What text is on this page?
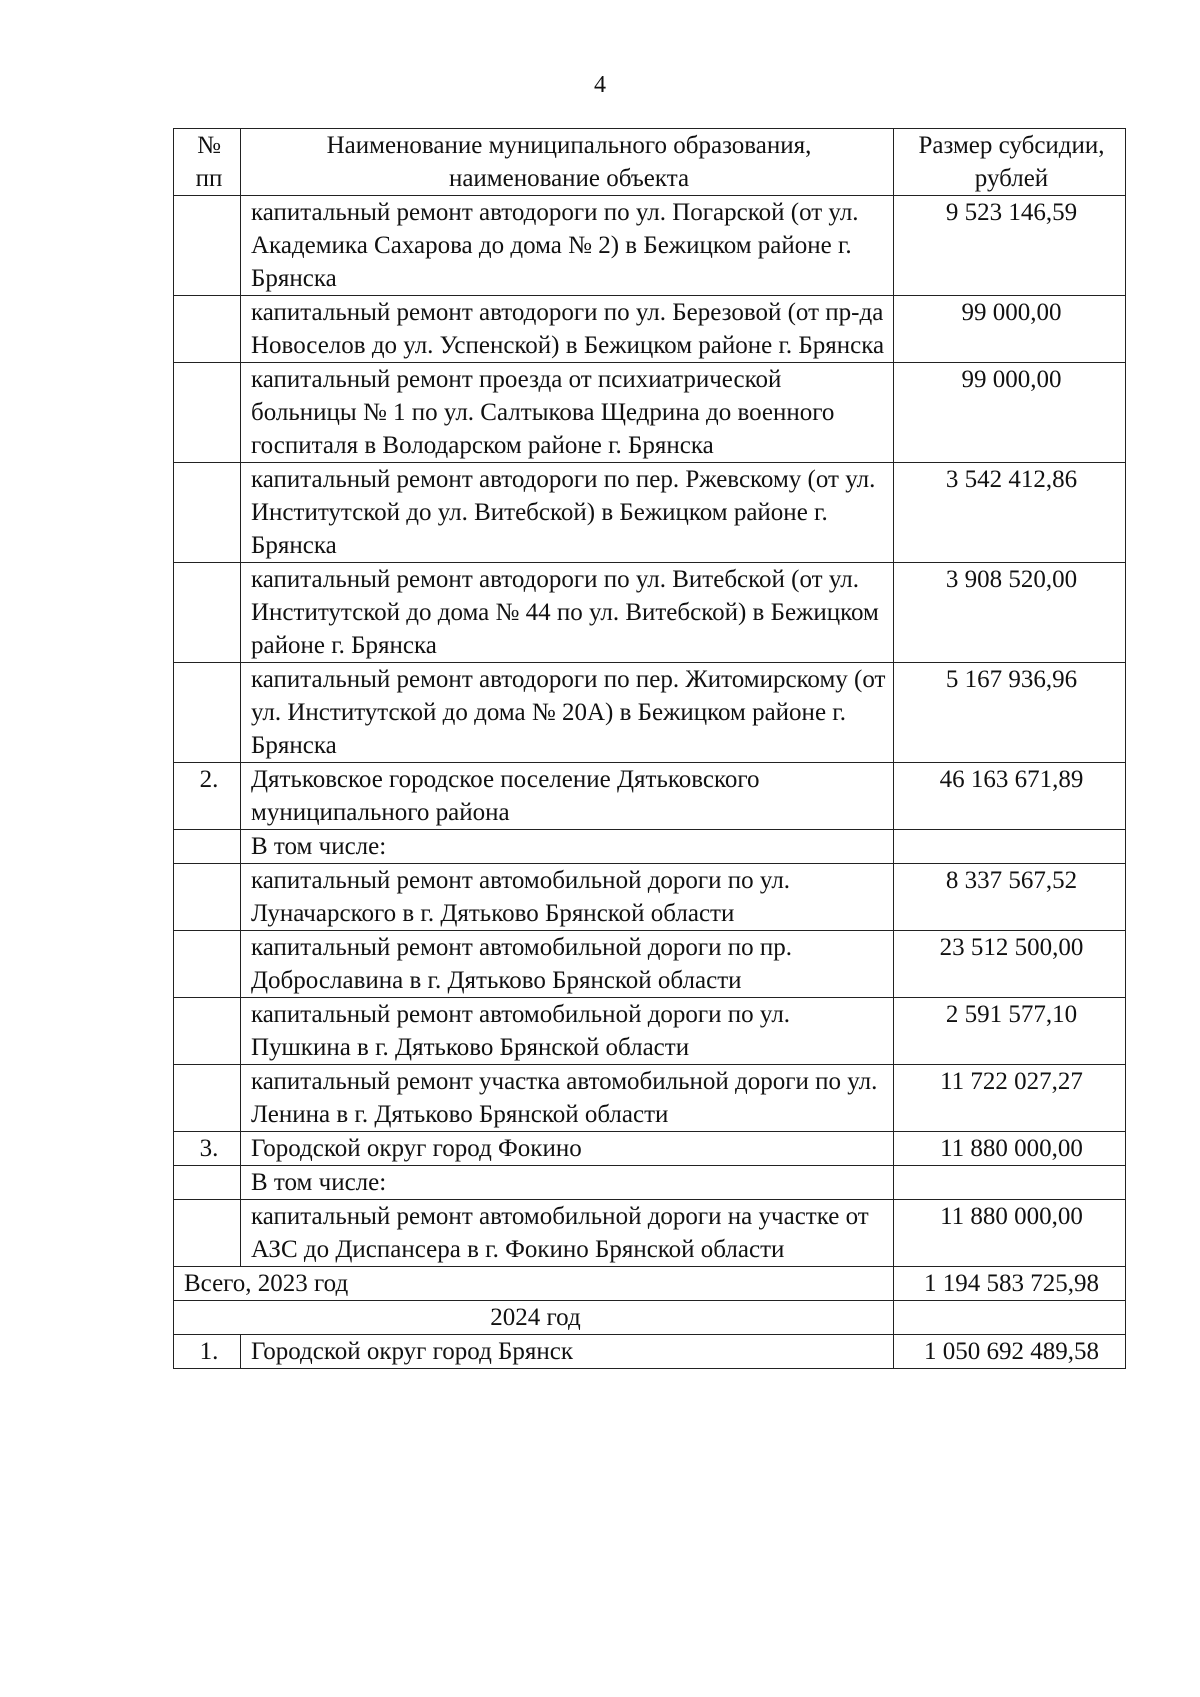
4
№ пп	Наименование муниципального образования, наименование объекта	Размер субсидии, рублей
	капитальный ремонт автодороги по ул. Погарской (от ул. Академика Сахарова до дома № 2) в Бежицком районе г. Брянска	9 523 146,59
	капитальный ремонт автодороги по ул. Березовой (от пр-да Новоселов до ул. Успенской) в Бежицком районе г. Брянска	99 000,00
	капитальный ремонт проезда от психиатрической больницы № 1 по ул. Салтыкова Щедрина до военного госпиталя в Володарском районе г. Брянска	99 000,00
	капитальный ремонт автодороги по пер. Ржевскому (от ул. Институтской до ул. Витебской) в Бежицком районе г. Брянска	3 542 412,86
	капитальный ремонт автодороги по ул. Витебской (от ул. Институтской до дома № 44 по ул. Витебской) в Бежицком районе г. Брянска	3 908 520,00
	капитальный ремонт автодороги по пер. Житомирскому (от ул. Институтской до дома № 20А) в Бежицком районе г. Брянска	5 167 936,96
2.	Дятьковское городское поселение Дятьковского муниципального района	46 163 671,89
	В том числе:	
	капитальный ремонт автомобильной дороги по ул. Луначарского в г. Дятьково Брянской области	8 337 567,52
	капитальный ремонт автомобильной дороги по пр. Доброславина в г. Дятьково Брянской области	23 512 500,00
	капитальный ремонт автомобильной дороги по ул. Пушкина в г. Дятьково Брянской области	2 591 577,10
	капитальный ремонт участка автомобильной дороги по ул. Ленина в г. Дятьково Брянской области	11 722 027,27
3.	Городской округ город Фокино	11 880 000,00
	В том числе:	
	капитальный ремонт автомобильной дороги на участке от АЗС до Диспансера в г. Фокино Брянской области	11 880 000,00
Всего, 2023 год		1 194 583 725,98
2024 год		
1.	Городской округ город Брянск	1 050 692 489,58
